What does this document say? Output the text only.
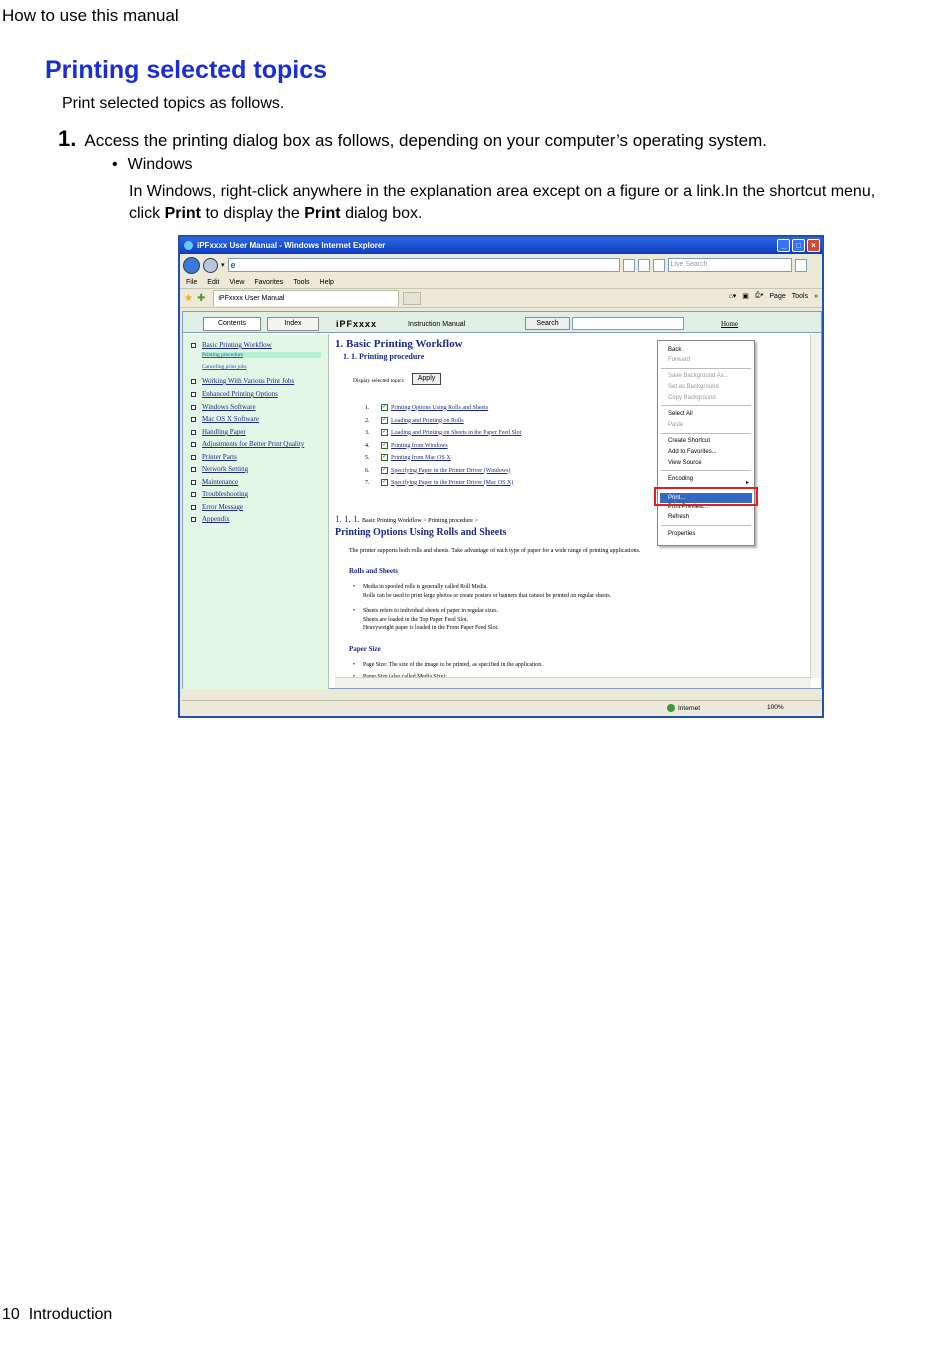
How to use this manual
Printing selected topics
Print selected topics as follows.
1. Access the printing dialog box as follows, depending on your computer’s operating system.
• Windows
In Windows, right-click anywhere in the explanation area except on a figure or a link.In the shortcut menu, click Print to display the Print dialog box.
iPFxxxx User Manual - Windows Internet Explorer	_	□	×
▾ e	Live Search
File Edit View Favorites Tools Help
★ ✚ iPFxxxx User Manual	⌂▾ ▣ ⎙▾ Page Tools »
Contents	Index	iPFxxxx	Instruction Manual	Search	Home
Basic Printing Workflow
Printing procedure
Canceling print jobs
Working With Various Print Jobs
Enhanced Printing Options
Windows Software
Mac OS X Software
Handling Paper
Adjustments for Better Print Quality
Printer Parts
Network Setting
Maintenance
Troubleshooting
Error Message
Appendix
1. Basic Printing Workflow
1. 1. Printing procedure
Display selected topics	Apply
1.	✓ Printing Options Using Rolls and Sheets
2.	✓ Loading and Printing on Rolls
3.	✓ Loading and Printing on Sheets in the Paper Feed Slot
4.	✓ Printing from Windows
5.	✓ Printing from Mac OS X
6.	✓ Specifying Paper in the Printer Driver (Windows)
7.	✓ Specifying Paper in the Printer Driver (Mac OS X)
1. 1. 1. Basic Printing Workflow > Printing procedure >
Printing Options Using Rolls and Sheets
The printer supports both rolls and sheets. Take advantage of each type of paper for a wide range of printing applications.
Rolls and Sheets
• Media in spooled rolls is generally called Roll Media.
Rolls can be used to print large photos or create posters or banners that cannot be printed on regular sheets.
• Sheets refers to individual sheets of paper in regular sizes.
Sheets are loaded in the Top Paper Feed Slot.
Heavyweight paper is loaded in the Front Paper Feed Slot.
Paper Size
• Page Size: The size of the image to be printed, as specified in the application.
•
Back
Forward
Save Background As...
Set as Background
Copy Background
Select All
Paste
Create Shortcut
Add to Favorites...
View Source
Encoding
▸
Print...
Print Preview...
Refresh
Properties
Internet	100%
10 Introduction
